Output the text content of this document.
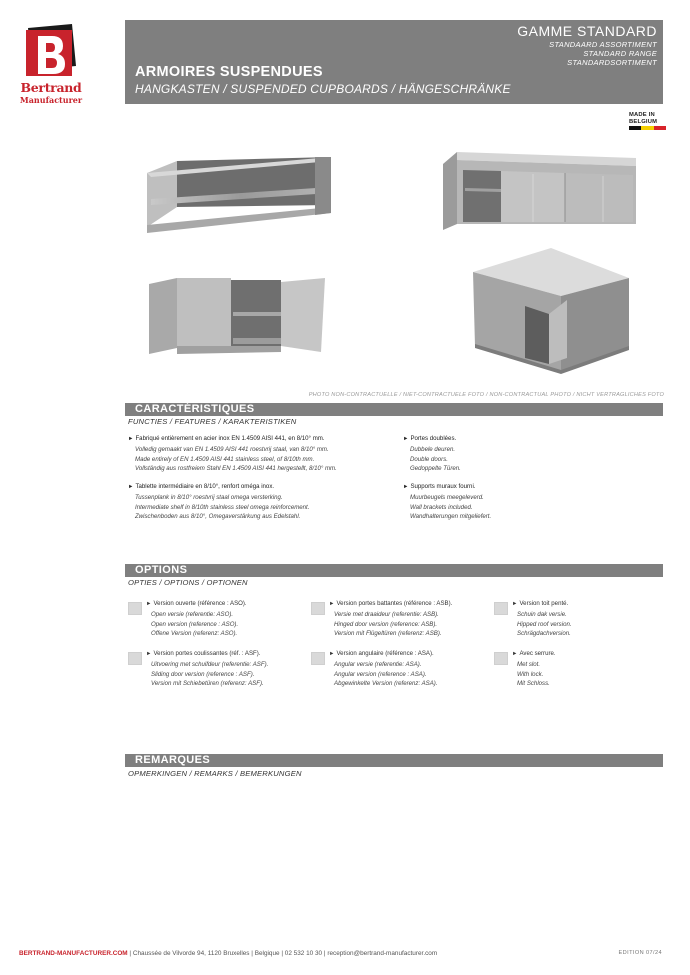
Bertrand
Manufacturer
GAMME STANDARD
STANDAARD ASSORTIMENT
STANDARD RANGE
STANDARDSORTIMENT
ARMOIRES SUSPENDUES
HANGKASTEN / SUSPENDED CUPBOARDS / HÄNGESCHRÄNKE
MADE IN
BELGIUM
PHOTO NON-CONTRACTUELLE / NIET-CONTRACTUELE FOTO / NON-CONTRACTUAL PHOTO / NICHT VERTRAGLICHES FOTO
CARACTÉRISTIQUES
FUNCTIES / FEATURES / KARAKTERISTIKEN
► Fabriqué entièrement en acier inox EN 1.4509 AISI 441, en 8/10° mm.
Volledig gemaakt van EN 1.4509 AISI 441 roestvrij staal, van 8/10° mm.
Made entirely of EN 1.4509 AISI 441 stainless steel, of 8/10th mm.
Vollständig aus rostfreiem Stahl EN 1.4509 AISI 441 hergestellt, 8/10° mm.
► Tablette intermédiaire en 8/10°, renfort oméga inox.
Tussenplank in 8/10° roestvrij staal omega versterking.
Intermediate shelf in 8/10th stainless steel omega reinforcement.
Zwischenboden aus 8/10°, Omegaverstärkung aus Edelstahl.
► Portes doublées.
Dubbele deuren.
Double doors.
Gedoppelte Türen.
► Supports muraux fourni.
Muurbeugels meegeleverd.
Wall brackets included.
Wandhalterungen mitgeliefert.
OPTIONS
OPTIES / OPTIONS / OPTIONEN
► Version ouverte (référence : ASO).
Open versie (referentie: ASO).
Open version (reference : ASO).
Offene Version (referenz: ASO).
► Version portes battantes (référence : ASB).
Versie met draaideur (referentie: ASB).
Hinged door version (reference: ASB).
Version mit Flügeltüren (referenz: ASB).
► Version toit penté.
Schuin dak versie.
Hipped roof version.
Schrägdachversion.
► Version portes coulissantes (réf. : ASF).
Uitvoering met schuifdeur (referentie: ASF).
Sliding door version (reference : ASF).
Version mit Schiebetüren (referenz: ASF).
► Version angulaire (référence : ASA).
Angular versie (referentie: ASA).
Angular version (reference : ASA).
Abgewinkelte Version (referenz: ASA).
► Avec serrure.
Met slot.
With lock.
Mit Schloss.
REMARQUES
OPMERKINGEN / REMARKS / BEMERKUNGEN
BERTRAND-MANUFACTURER.COM | Chaussée de Vilvorde 94, 1120 Bruxelles | Belgique | 02 532 10 30 | reception@bertrand-manufacturer.com	EDITION 07/24
